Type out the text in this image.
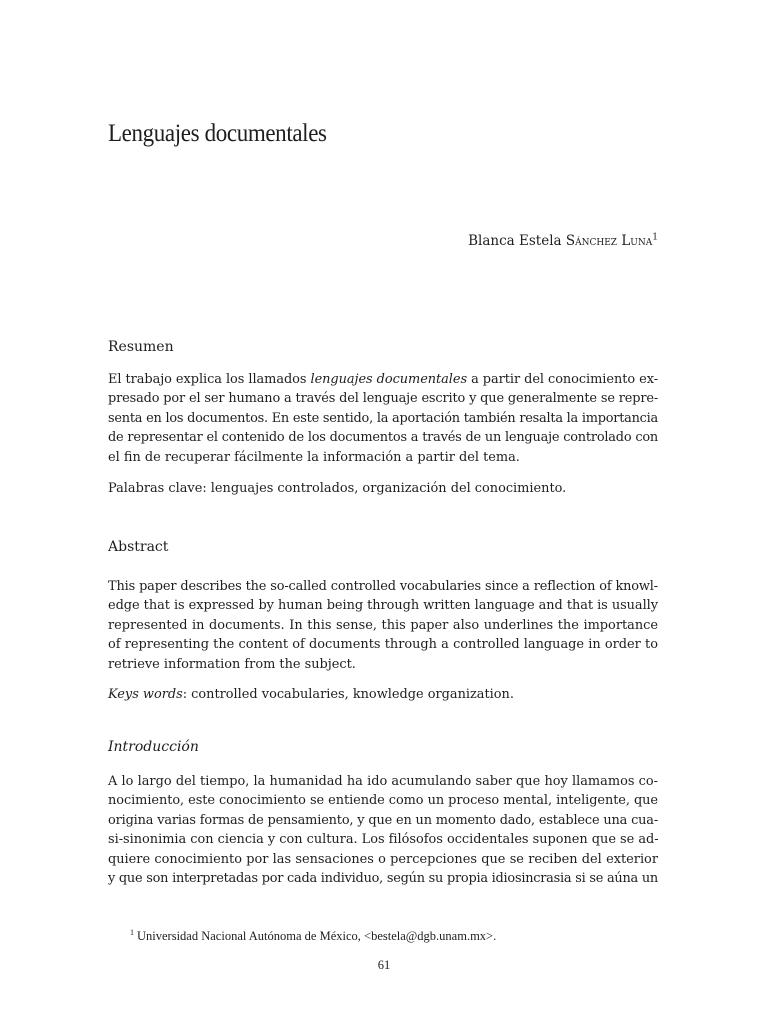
Lenguajes documentales
Blanca Estela Sánchez Luna$^1$
Resumen
El trabajo explica los llamados lenguajes documentales a partir del conocimiento ex-
presado por el ser humano a través del lenguaje escrito y que generalmente se repre-
senta en los documentos. En este sentido, la aportación también resalta la importancia
de representar el contenido de los documentos a través de un lenguaje controlado con
el fin de recuperar fácilmente la información a partir del tema.
Palabras clave: lenguajes controlados, organización del conocimiento.
Abstract
This paper describes the so-called controlled vocabularies since a reflection of knowl-
edge that is expressed by human being through written language and that is usually
represented in documents. In this sense, this paper also underlines the importance
of representing the content of documents through a controlled language in order to
retrieve information from the subject.
Keys words: controlled vocabularies, knowledge organization.
Introducción
A lo largo del tiempo, la humanidad ha ido acumulando saber que hoy llamamos co-
nocimiento, este conocimiento se entiende como un proceso mental, inteligente, que
origina varias formas de pensamiento, y que en un momento dado, establece una cua-
si-sinonimia con ciencia y con cultura. Los filósofos occidentales suponen que se ad-
quiere conocimiento por las sensaciones o percepciones que se reciben del exterior
y que son interpretadas por cada individuo, según su propia idiosincrasia si se aúna un
$^1$ Universidad Nacional Autónoma de México, <bestela@dgb.unam.mx>.
61
